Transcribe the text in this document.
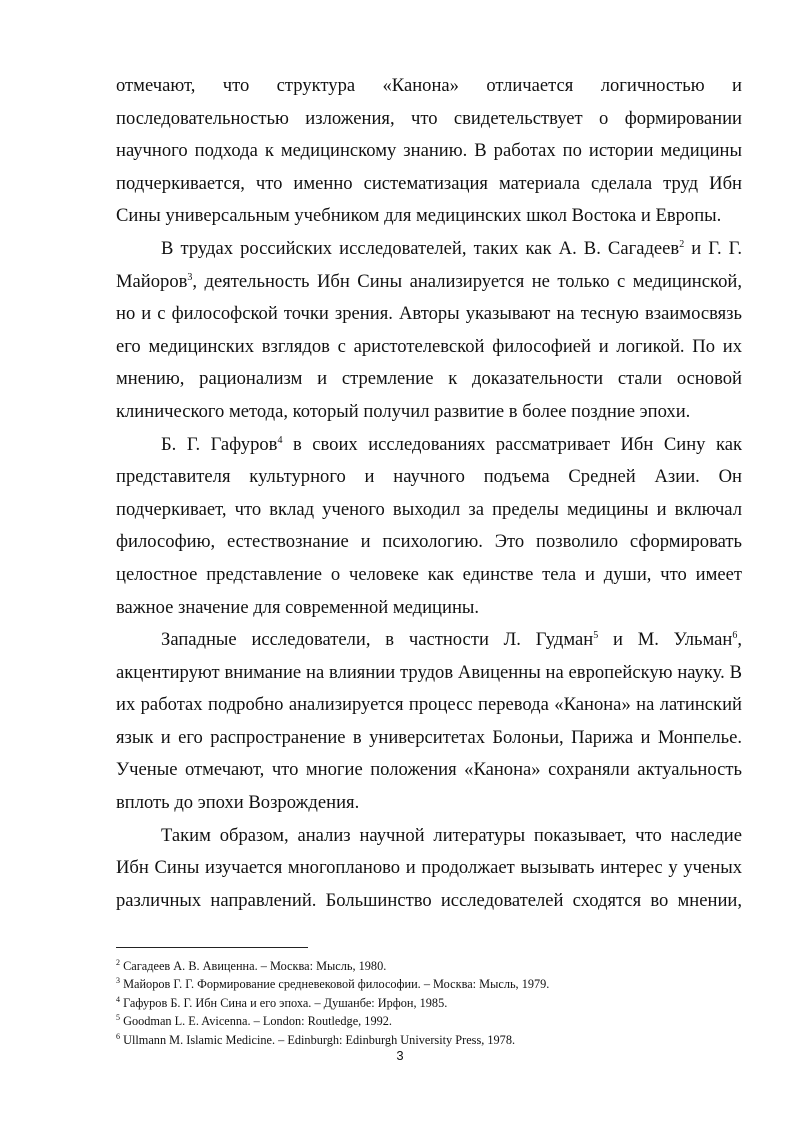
отмечают, что структура «Канона» отличается логичностью и последовательностью изложения, что свидетельствует о формировании научного подхода к медицинскому знанию. В работах по истории медицины подчеркивается, что именно систематизация материала сделала труд Ибн Сины универсальным учебником для медицинских школ Востока и Европы.

В трудах российских исследователей, таких как А. В. Сагадеев$^2$ и Г. Г. Майоров$^3$, деятельность Ибн Сины анализируется не только с медицинской, но и с философской точки зрения. Авторы указывают на тесную взаимосвязь его медицинских взглядов с аристотелевской философией и логикой. По их мнению, рационализм и стремление к доказательности стали основой клинического метода, который получил развитие в более поздние эпохи.

Б. Г. Гафуров$^4$ в своих исследованиях рассматривает Ибн Сину как представителя культурного и научного подъема Средней Азии. Он подчеркивает, что вклад ученого выходил за пределы медицины и включал философию, естествознание и психологию. Это позволило сформировать целостное представление о человеке как единстве тела и души, что имеет важное значение для современной медицины.

Западные исследователи, в частности Л. Гудман$^5$ и М. Ульман$^6$, акцентируют внимание на влиянии трудов Авиценны на европейскую науку. В их работах подробно анализируется процесс перевода «Канона» на латинский язык и его распространение в университетах Болоньи, Парижа и Монпелье. Ученые отмечают, что многие положения «Канона» сохраняли актуальность вплоть до эпохи Возрождения.

Таким образом, анализ научной литературы показывает, что наследие Ибн Сины изучается многопланово и продолжает вызывать интерес у ученых различных направлений. Большинство исследователей сходятся во мнении,

$^2$ Сагадеев А. В. Авиценна. – Москва: Мысль, 1980.

$^3$ Майоров Г. Г. Формирование средневековой философии. – Москва: Мысль, 1979.

$^4$ Гафуров Б. Г. Ибн Сина и его эпоха. – Душанбе: Ирфон, 1985.

$^5$ Goodman L. E. Avicenna. – London: Routledge, 1992.

$^6$ Ullmann M. Islamic Medicine. – Edinburgh: Edinburgh University Press, 1978.

3
